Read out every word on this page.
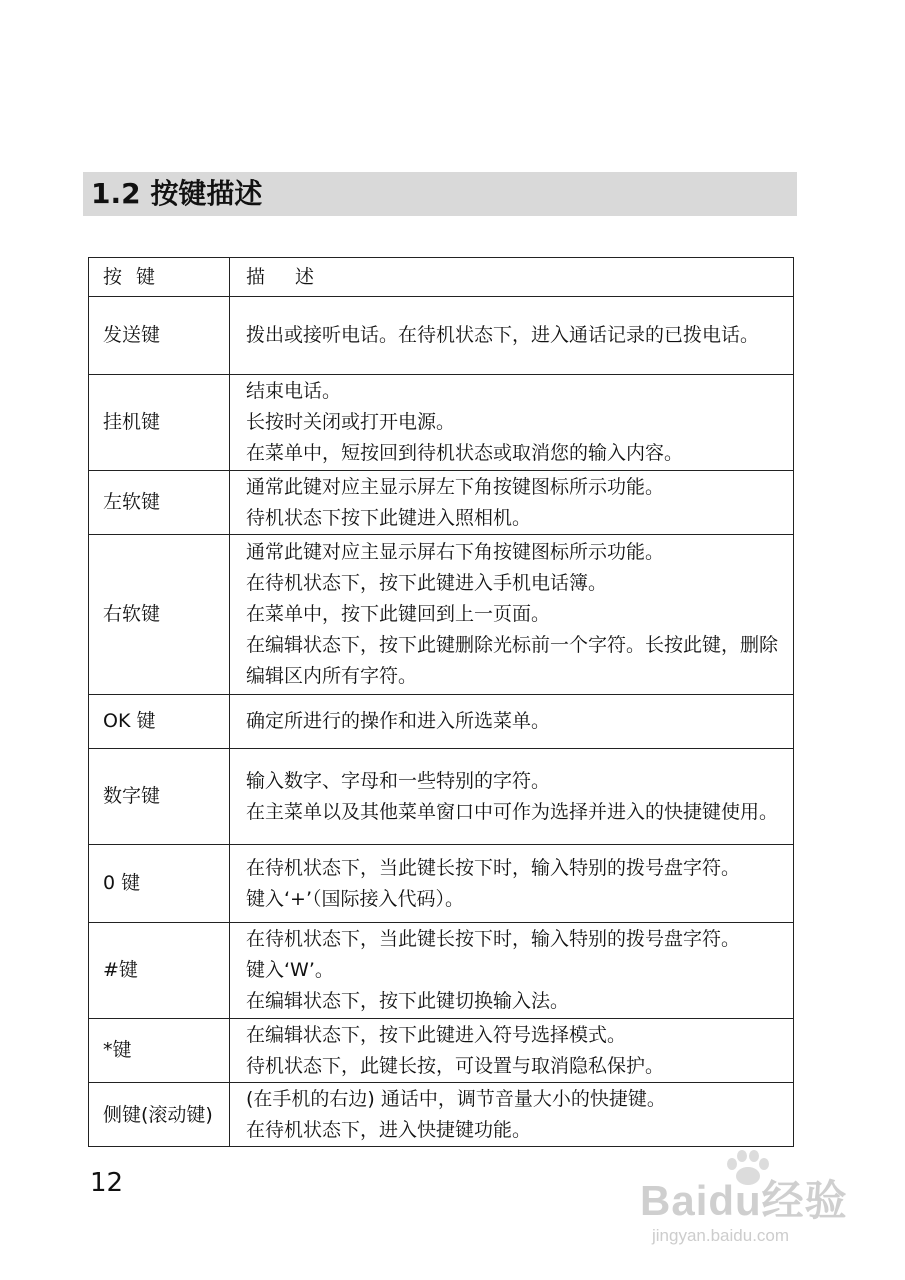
1.2 按键描述
按键	描述
发送键	拨出或接听电话。在待机状态下，进入通话记录的已拨电话。

挂机键	结束电话。
长按时关闭或打开电源。
在菜单中，短按回到待机状态或取消您的输入内容。

左软键	通常此键对应主显示屏左下角按键图标所示功能。
待机状态下按下此键进入照相机。

右软键	通常此键对应主显示屏右下角按键图标所示功能。
在待机状态下，按下此键进入手机电话簿。
在菜单中，按下此键回到上一页面。
在编辑状态下，按下此键删除光标前一个字符。长按此键，删除编辑区内所有字符。

OK 键	确定所进行的操作和进入所选菜单。

数字键	输入数字、字母和一些特别的字符。
在主菜单以及其他菜单窗口中可作为选择并进入的快捷键使用。

0 键	在待机状态下，当此键长按下时，输入特别的拨号盘字符。
键入‘+’（国际接入代码）。

#键	在待机状态下，当此键长按下时，输入特别的拨号盘字符。
键入‘W’。
在编辑状态下，按下此键切换输入法。

*键	在编辑状态下，按下此键进入符号选择模式。
待机状态下，此键长按，可设置与取消隐私保护。

侧键(滚动键)	(在手机的右边) 通话中，调节音量大小的快捷键。
在待机状态下，进入快捷键功能。
12	Baidu经验
jingyan.baidu.com
